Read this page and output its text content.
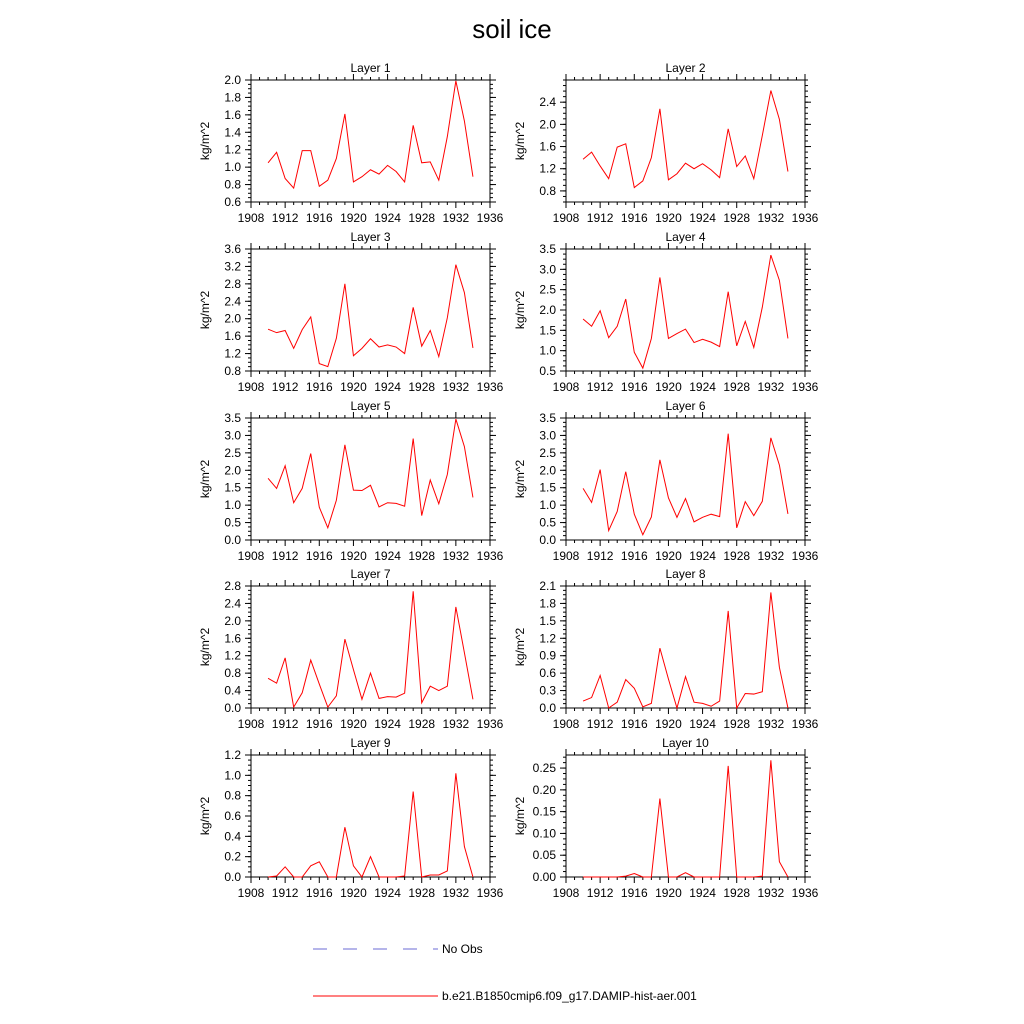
soil ice
Layer 1
1908 1912 1916 1920 1924 1928 1932 1936
0.6
0.8
1.0
1.2
1.4
1.6
1.8
2.0
kg/m^2
Layer 2
1908 1912 1916 1920 1924 1928 1932 1936
0.8
1.2
1.6
2.0
2.4
kg/m^2
Layer 3
1908 1912 1916 1920 1924 1928 1932 1936
0.8
1.2
1.6
2.0
2.4
2.8
3.2
3.6
kg/m^2
Layer 4
1908 1912 1916 1920 1924 1928 1932 1936
0.5
1.0
1.5
2.0
2.5
3.0
3.5
kg/m^2
Layer 5
1908 1912 1916 1920 1924 1928 1932 1936
0.0
0.5
1.0
1.5
2.0
2.5
3.0
3.5
kg/m^2
Layer 6
1908 1912 1916 1920 1924 1928 1932 1936
0.0
0.5
1.0
1.5
2.0
2.5
3.0
3.5
kg/m^2
Layer 7
1908 1912 1916 1920 1924 1928 1932 1936
0.0
0.4
0.8
1.2
1.6
2.0
2.4
2.8
kg/m^2
Layer 8
1908 1912 1916 1920 1924 1928 1932 1936
0.0
0.3
0.6
0.9
1.2
1.5
1.8
2.1
kg/m^2
Layer 9
1908 1912 1916 1920 1924 1928 1932 1936
0.0
0.2
0.4
0.6
0.8
1.0
1.2
kg/m^2
Layer 10
1908 1912 1916 1920 1924 1928 1932 1936
0.00
0.05
0.10
0.15
0.20
0.25
kg/m^2
No Obs
b.e21.B1850cmip6.f09_g17.DAMIP-hist-aer.001
